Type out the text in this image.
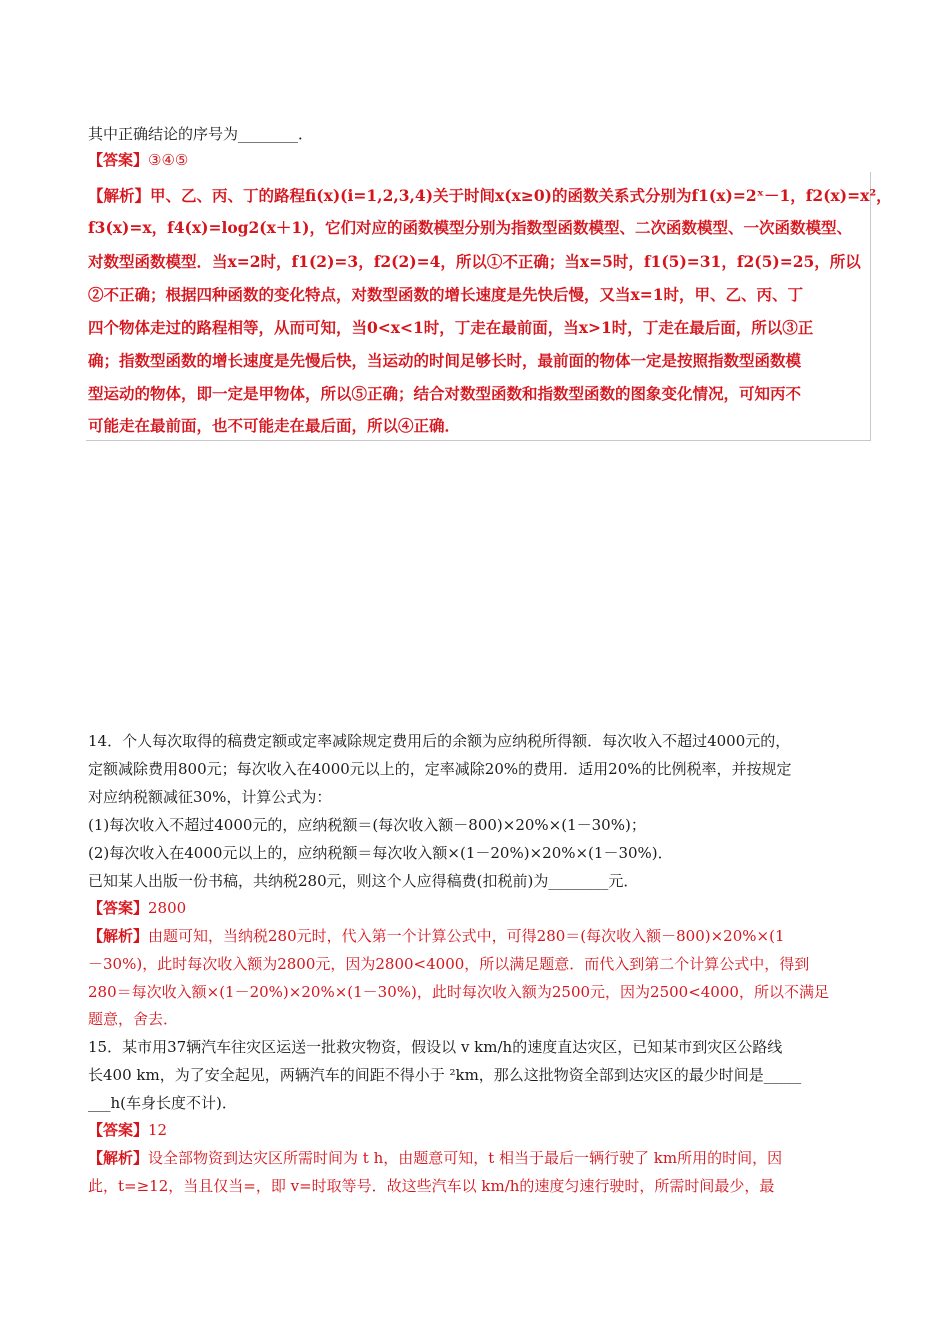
其中正确结论的序号为________．
【答案】③④⑤
【解析】甲、乙、丙、丁的路程fi(x)(i=1,2,3,4)关于时间x(x≥0)的函数关系式分别为f1(x)=2ˣ－1，f2(x)=x²，
f3(x)=x，f4(x)=log2(x＋1)，它们对应的函数模型分别为指数型函数模型、二次函数模型、一次函数模型、
对数型函数模型．当x=2时，f1(2)=3，f2(2)=4，所以①不正确；当x=5时，f1(5)=31，f2(5)=25，所以
②不正确；根据四种函数的变化特点，对数型函数的增长速度是先快后慢，又当x=1时，甲、乙、丙、丁
四个物体走过的路程相等，从而可知，当0<x<1时，丁走在最前面，当x>1时，丁走在最后面，所以③正
确；指数型函数的增长速度是先慢后快，当运动的时间足够长时，最前面的物体一定是按照指数型函数模
型运动的物体，即一定是甲物体，所以⑤正确；结合对数型函数和指数型函数的图象变化情况，可知丙不
可能走在最前面，也不可能走在最后面，所以④正确．
14．个人每次取得的稿费定额或定率减除规定费用后的余额为应纳税所得额．每次收入不超过4000元的，
定额减除费用800元；每次收入在4000元以上的，定率减除20%的费用．适用20%的比例税率，并按规定
对应纳税额减征30%，计算公式为：
(1)每次收入不超过4000元的，应纳税额＝(每次收入额－800)×20%×(1－30%)；
(2)每次收入在4000元以上的，应纳税额＝每次收入额×(1－20%)×20%×(1－30%)．
已知某人出版一份书稿，共纳税280元，则这个人应得稿费(扣税前)为________元．
【答案】2800
【解析】由题可知，当纳税280元时，代入第一个计算公式中，可得280＝(每次收入额－800)×20%×(1
－30%)，此时每次收入额为2800元，因为2800<4000，所以满足题意．而代入到第二个计算公式中，得到
280＝每次收入额×(1－20%)×20%×(1－30%)，此时每次收入额为2500元，因为2500<4000，所以不满足
题意，舍去．
15．某市用37辆汽车往灾区运送一批救灾物资，假设以 v km/h的速度直达灾区，已知某市到灾区公路线
长400 km，为了安全起见，两辆汽车的间距不得小于 ²km，那么这批物资全部到达灾区的最少时间是_____
___h(车身长度不计)．
【答案】12
【解析】设全部物资到达灾区所需时间为 t h，由题意可知，t 相当于最后一辆行驶了 km所用的时间，因
此，t=≥12，当且仅当=，即 v=时取等号．故这些汽车以 km/h的速度匀速行驶时，所需时间最少，最
